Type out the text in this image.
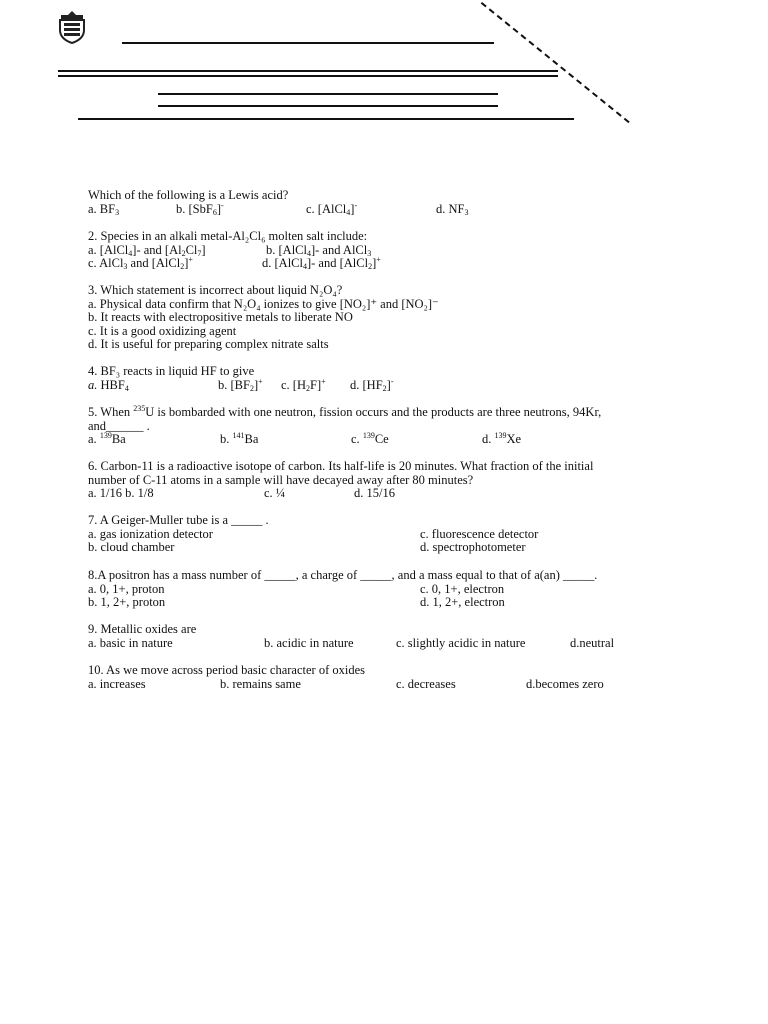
Which of the following is a Lewis acid?
a. $BF_3$	b. [SbF$_6$]-	c. [AlCl$_4$]-	d. $NF_3$
2. Species in an alkali metal-Al₂Cl₆ molten salt include:
a. [AlCl$_4$]- and $[Al_2Cl_7]$	b. [AlCl$_4$]- and AlCl$_3$
c. AlCl$_3$ and [AlCl$_2$]+	d. [AlCl$_4$]- and [AlCl$_2$]+
3. Which statement is incorrect about liquid N₂O₄?
a. Physical data confirm that N₂O₄ ionizes to give [NO₂]⁺ and [NO₂]⁻
b. It reacts with electropositive metals to liberate NO
c. It is a good oxidizing agent
d. It is useful for preparing complex nitrate salts
4. BF₃ reacts in liquid HF to give
a. $HBF_4$	b. $[BF_2]^+$ c. $[H_2F]^+$ d. $[HF_2]^-$
5. When $^{235}$U is bombarded with one neutron, fission occurs and the products are three neutrons, 94Kr,
and______ .
a. $^{139}$Ba	b. $^{141}$Ba	c. $^{139}$Ce	d. $^{139}$Xe
6. Carbon-11 is a radioactive isotope of carbon. Its half-life is 20 minutes. What fraction of the initial
number of C-11 atoms in a sample will have decayed away after 80 minutes?
a. 1/16 b. 1/8	c. ¼	d. 15/16
7. A Geiger-Muller tube is a _____ .
a. gas ionization detector	c. fluorescence detector
b. cloud chamber	d. spectrophotometer
8.A positron has a mass number of _____, a charge of _____, and a mass equal to that of a(an) _____.
a. 0, 1+, proton	c. 0, 1+, electron
b. 1, 2+, proton	d. 1, 2+, electron
9. Metallic oxides are
a. basic in nature	b. acidic in nature	c. slightly acidic in nature	d.neutral
10. As we move across period basic character of oxides
a. increases	b. remains same	c. decreases	d.becomes zero
